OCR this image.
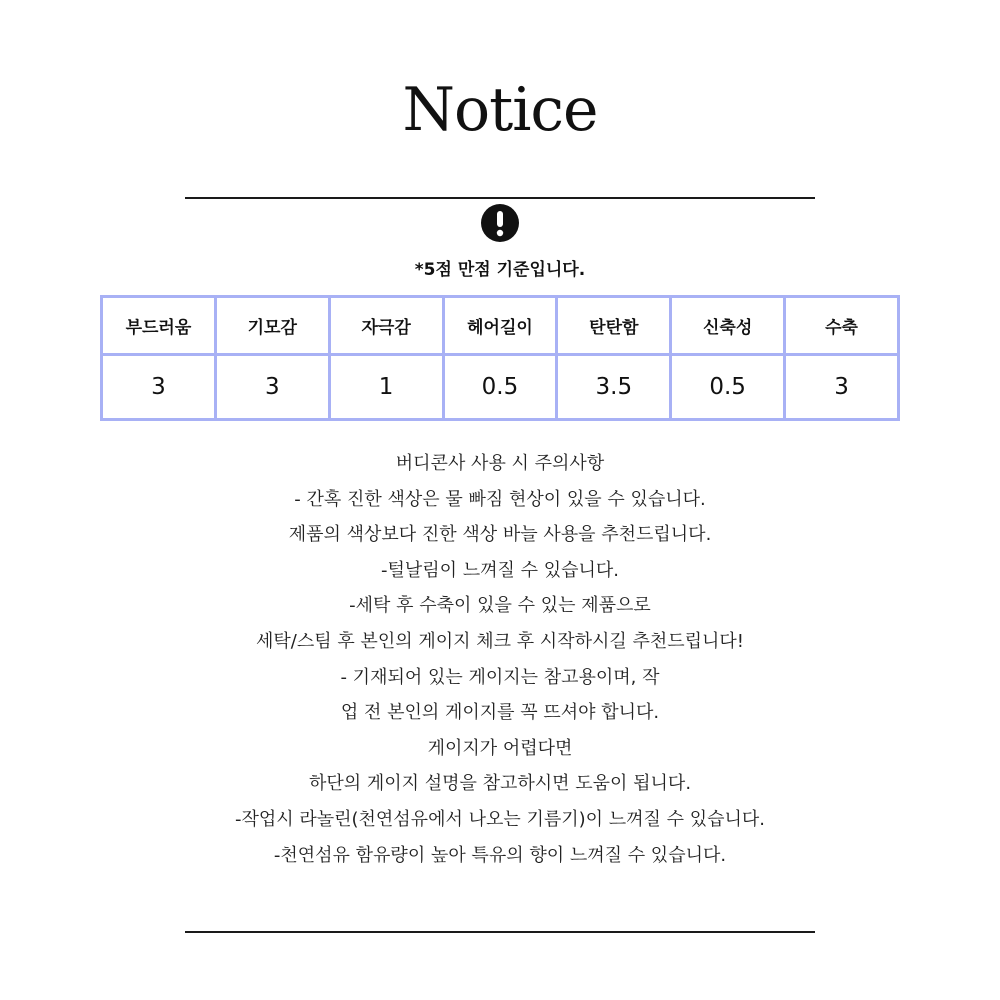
Notice
*5점 만점 기준입니다.
부드러움	기모감	자극감	헤어길이	탄탄함	신축성	수축
3	3	1	0.5	3.5	0.5	3
버디콘사 사용 시 주의사항
- 간혹 진한 색상은 물 빠짐 현상이 있을 수 있습니다.
제품의 색상보다 진한 색상 바늘 사용을 추천드립니다.
-털날림이 느껴질 수 있습니다.
-세탁 후 수축이 있을 수 있는 제품으로
세탁/스팀 후 본인의 게이지 체크 후 시작하시길 추천드립니다!
- 기재되어 있는 게이지는 참고용이며, 작
업 전 본인의 게이지를 꼭 뜨셔야 합니다.
게이지가 어렵다면
하단의 게이지 설명을 참고하시면 도움이 됩니다.
-작업시 라놀린(천연섬유에서 나오는 기름기)이 느껴질 수 있습니다.
-천연섬유 함유량이 높아 특유의 향이 느껴질 수 있습니다.
